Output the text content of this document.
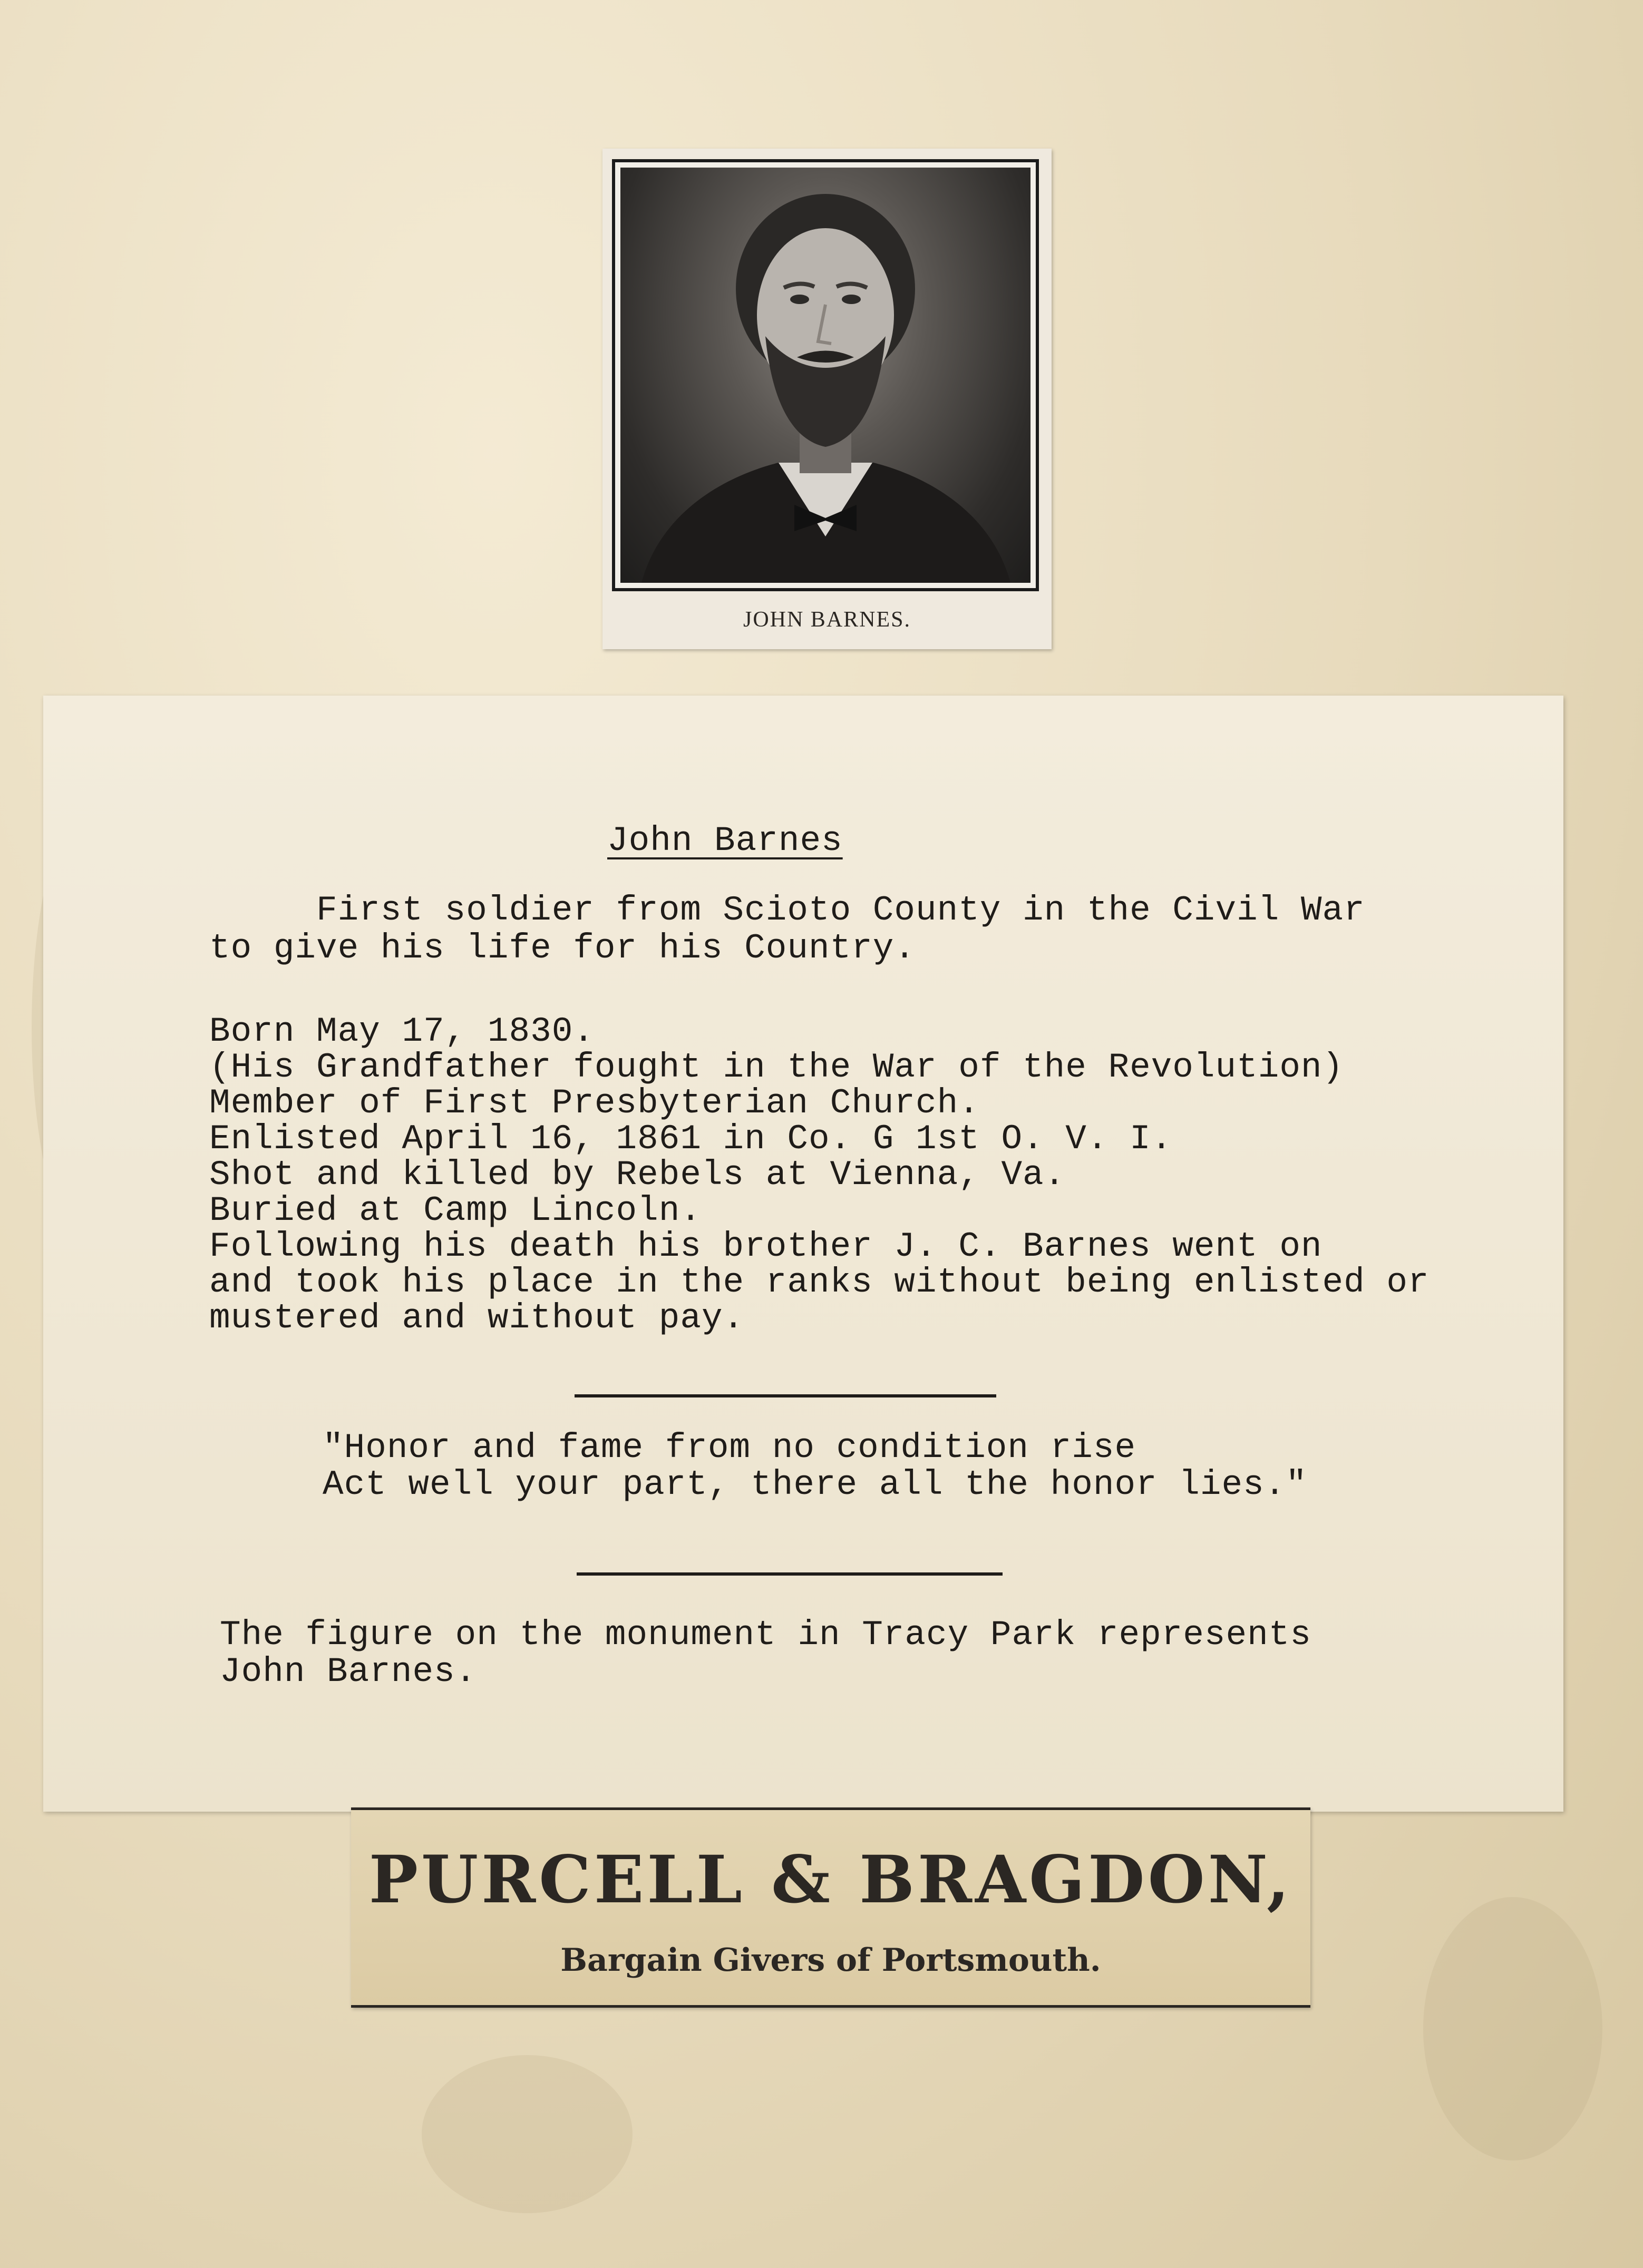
JOHN BARNES.
John Barnes
First soldier from Scioto County in the Civil War
to give his life for his Country.
Born May 17, 1830.
(His Grandfather fought in the War of the Revolution)
Member of First Presbyterian Church.
Enlisted April 16, 1861 in Co. G 1st O. V. I.
Shot and killed by Rebels at Vienna, Va.
Buried at Camp Lincoln.
Following his death his brother J. C. Barnes went on
and took his place in the ranks without being enlisted or
mustered and without pay.
"Honor and fame from no condition rise
Act well your part, there all the honor lies."
The figure on the monument in Tracy Park represents
John Barnes.
PURCELL & BRAGDON,
Bargain Givers of Portsmouth.
